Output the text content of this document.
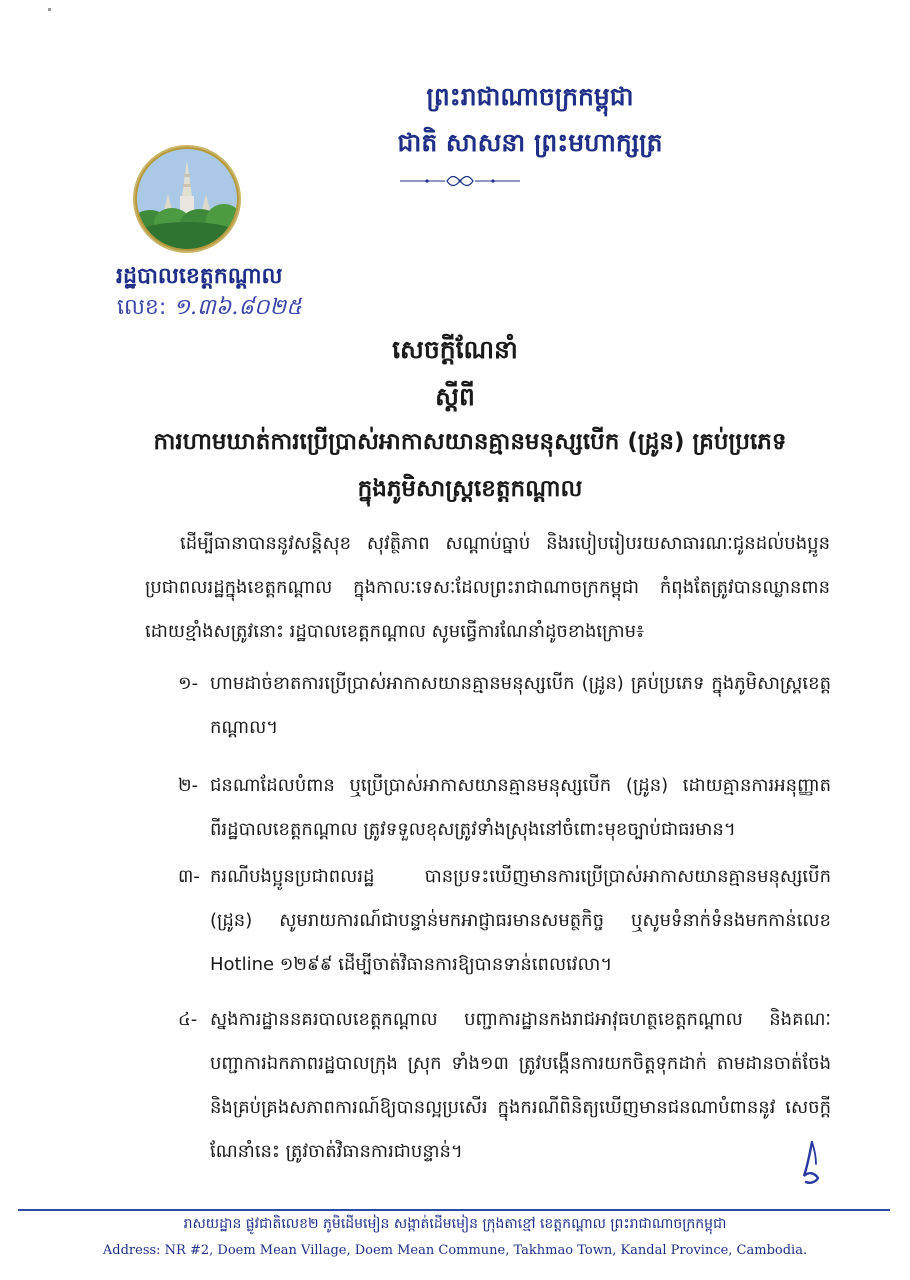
ព្រះរាជាណាចក្រកម្ពុជា
ជាតិ សាសនា ព្រះមហាក្សត្រ
រដ្ឋបាលខេត្តកណ្ដាល
លេខ: ១.៣៦.៨០២៥
សេចក្ដីណែនាំ
ស្ដីពី
ការហាមឃាត់ការប្រើប្រាស់អាកាសយានគ្មានមនុស្សបើក (ដ្រូន) គ្រប់ប្រភេទ
ក្នុងភូមិសាស្ត្រខេត្តកណ្ដាល
ដើម្បីធានាបាននូវសន្តិសុខ សុវត្ថិភាព សណ្ដាប់ធ្នាប់ និងរបៀបរៀបរយសាធារណៈជូនដល់បងប្អូនប្រជាពលរដ្ឋក្នុងខេត្តកណ្ដាល ក្នុងកាលៈទេសៈដែលព្រះរាជាណាចក្រកម្ពុជា កំពុងតែត្រូវបានឈ្លានពានដោយខ្មាំងសត្រូវនោះ រដ្ឋបាលខេត្តកណ្ដាល សូមធ្វើការណែនាំដូចខាងក្រោម៖
១- ហាមដាច់ខាតការប្រើប្រាស់អាកាសយានគ្មានមនុស្សបើក (ដ្រូន) គ្រប់ប្រភេទ ក្នុងភូមិសាស្ត្រខេត្តកណ្ដាល។
២- ជនណាដែលបំពាន ឬប្រើប្រាស់អាកាសយានគ្មានមនុស្សបើក (ដ្រូន) ដោយគ្មានការអនុញ្ញាត ពីរដ្ឋបាលខេត្តកណ្ដាល ត្រូវទទួលខុសត្រូវទាំងស្រុងនៅចំពោះមុខច្បាប់ជាធរមាន។
៣- ករណីបងប្អូនប្រជាពលរដ្ឋ បានប្រទះឃើញមានការប្រើប្រាស់អាកាសយានគ្មានមនុស្សបើក (ដ្រូន) សូមរាយការណ៍ជាបន្ទាន់មកអាជ្ញាធរមានសមត្ថកិច្ច ឬសូមទំនាក់ទំនងមកកាន់លេខ Hotline ១២៩៩ ដើម្បីចាត់វិធានការឱ្យបានទាន់ពេលវេលា។
៤- ស្នងការដ្ឋាននគរបាលខេត្តកណ្ដាល បញ្ជាការដ្ឋានកងរាជអាវុធហត្ថខេត្តកណ្ដាល និងគណៈបញ្ជាការឯកភាពរដ្ឋបាលក្រុង ស្រុក ទាំង១៣ ត្រូវបង្កើនការយកចិត្តទុកដាក់ តាមដានចាត់ចែង និងគ្រប់គ្រងសភាពការណ៍ឱ្យបានល្អប្រសើរ ក្នុងករណីពិនិត្យឃើញមានជនណាបំពាននូវ សេចក្ដីណែនាំនេះ ត្រូវចាត់វិធានការជាបន្ទាន់។
រាសយដ្ឋាន ផ្លូវជាតិលេខ២ ភូមិដើមមៀន សង្កាត់ដើមមៀន ក្រុងតាខ្មៅ ខេត្តកណ្ដាល ព្រះរាជាណាចក្រកម្ពុជា
Address: NR #2, Doem Mean Village, Doem Mean Commune, Takhmao Town, Kandal Province, Cambodia.
